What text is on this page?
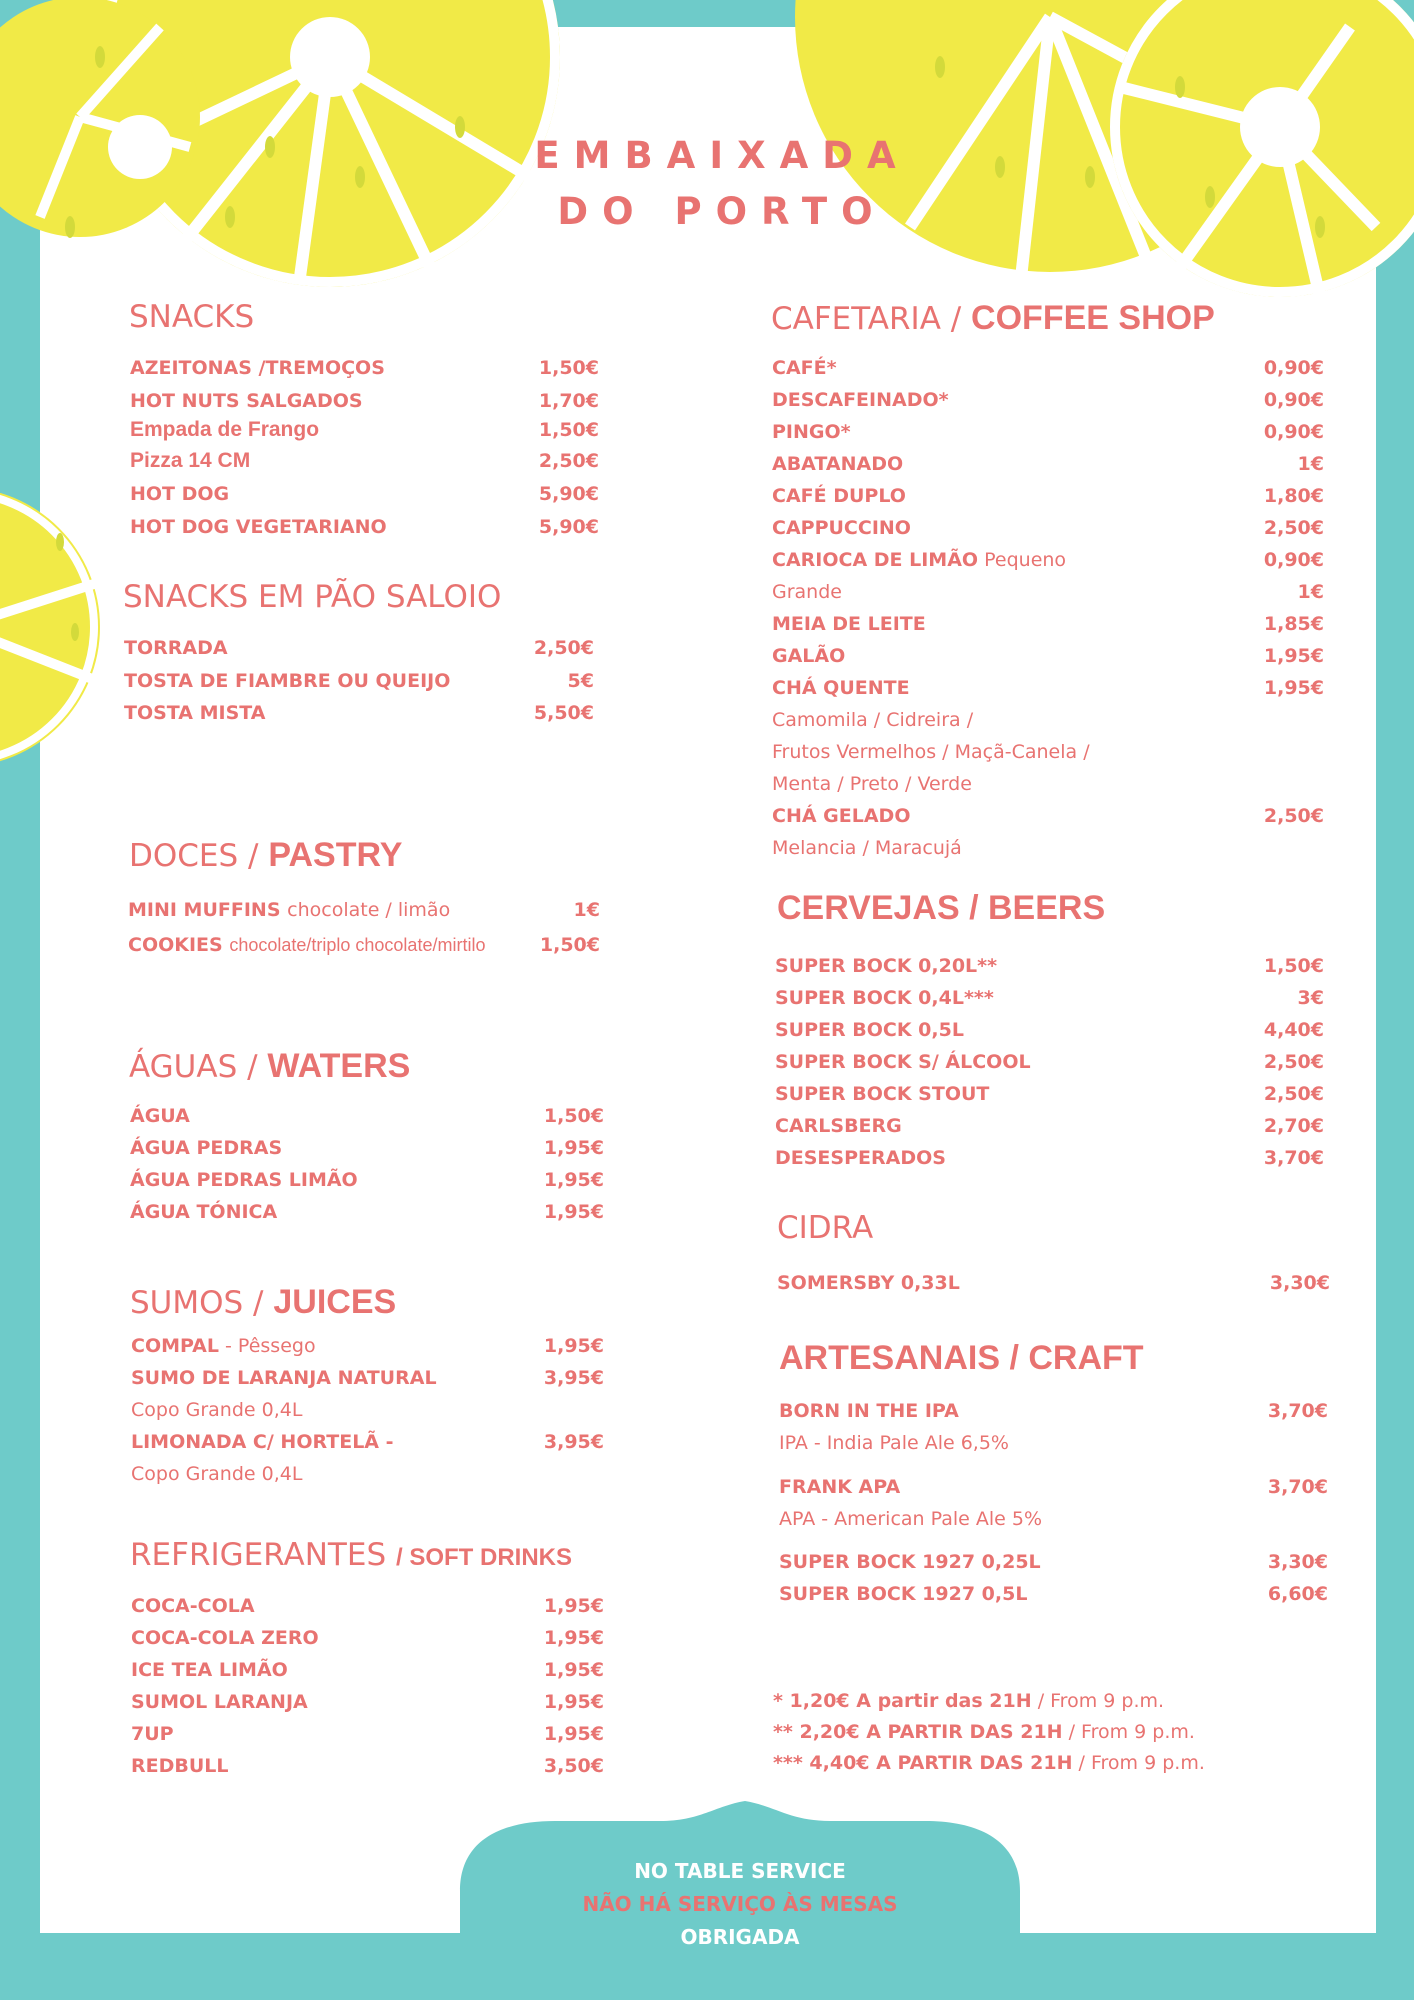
EMBAIXADA
DO PORTO
SNACKS
AZEITONAS /TREMOÇOS	1,50€
HOT NUTS SALGADOS	1,70€
Empada de Frango	1,50€
Pizza 14 CM	2,50€
HOT DOG	5,90€
HOT DOG VEGETARIANO	5,90€
SNACKS EM PÃO SALOIO
TORRADA	2,50€
TOSTA DE FIAMBRE OU QUEIJO	5€
TOSTA MISTA	5,50€
DOCES / PASTRY
MINI MUFFINS chocolate / limão	1€
COOKIES chocolate/triplo chocolate/mirtilo	1,50€
ÁGUAS / WATERS
ÁGUA	1,50€
ÁGUA PEDRAS	1,95€
ÁGUA PEDRAS LIMÃO	1,95€
ÁGUA TÓNICA	1,95€
SUMOS / JUICES
COMPAL - Pêssego	1,95€
SUMO DE LARANJA NATURAL	3,95€
Copo Grande 0,4L
LIMONADA C/ HORTELÃ -	3,95€
Copo Grande 0,4L
REFRIGERANTES / SOFT DRINKS
COCA-COLA	1,95€
COCA-COLA ZERO	1,95€
ICE TEA LIMÃO	1,95€
SUMOL LARANJA	1,95€
7UP	1,95€
REDBULL	3,50€
CAFETARIA / COFFEE SHOP
CAFÉ*	0,90€
DESCAFEINADO*	0,90€
PINGO*	0,90€
ABATANADO	1€
CAFÉ DUPLO	1,80€
CAPPUCCINO	2,50€
CARIOCA DE LIMÃO Pequeno	0,90€
Grande	1€
MEIA DE LEITE	1,85€
GALÃO	1,95€
CHÁ QUENTE	1,95€
Camomila / Cidreira /
Frutos Vermelhos / Maçã-Canela /
Menta / Preto / Verde
CHÁ GELADO	2,50€
Melancia / Maracujá
CERVEJAS / BEERS
SUPER BOCK 0,20L**	1,50€
SUPER BOCK 0,4L***	3€
SUPER BOCK 0,5L	4,40€
SUPER BOCK S/ ÁLCOOL	2,50€
SUPER BOCK STOUT	2,50€
CARLSBERG	2,70€
DESESPERADOS	3,70€
CIDRA
SOMERSBY 0,33L	3,30€
ARTESANAIS / CRAFT
BORN IN THE IPA	3,70€
IPA - India Pale Ale 6,5%
FRANK APA	3,70€
APA - American Pale Ale 5%
SUPER BOCK 1927 0,25L	3,30€
SUPER BOCK 1927 0,5L	6,60€
* 1,20€ A partir das 21H / From 9 p.m.
** 2,20€ A PARTIR DAS 21H / From 9 p.m.
*** 4,40€ A PARTIR DAS 21H / From 9 p.m.
NO TABLE SERVICE
NÃO HÁ SERVIÇO ÀS MESAS
OBRIGADA
